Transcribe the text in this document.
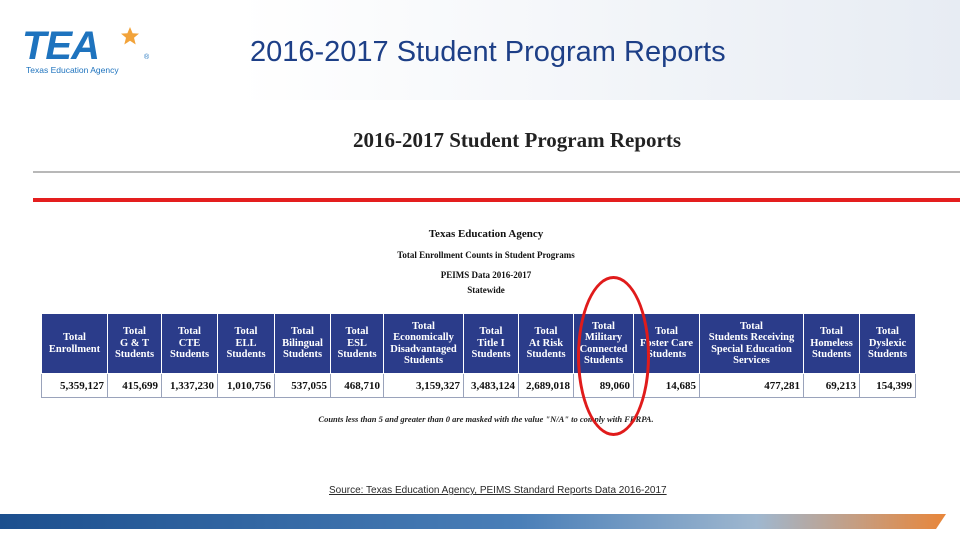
TEA	®
Texas Education Agency
2016-2017 Student Program Reports
2016-2017 Student Program Reports
Texas Education Agency
Total Enrollment Counts in Student Programs
PEIMS Data 2016-2017
Statewide
Total
Enrollment	Total
G & T
Students	Total
CTE
Students	Total
ELL
Students	Total
Bilingual
Students	Total
ESL
Students	Total
Economically
Disadvantaged
Students	Total
Title I
Students	Total
At Risk
Students	Total
Military
Connected
Students	Total
Foster Care
Students	Total
Students Receiving
Special Education
Services	Total
Homeless
Students	Total
Dyslexic
Students
5,359,127	415,699	1,337,230	1,010,756	537,055	468,710	3,159,327	3,483,124	2,689,018	89,060	14,685	477,281	69,213	154,399
Counts less than 5 and greater than 0 are masked with the value "N/A" to comply with FERPA.
Source: Texas Education Agency, PEIMS Standard Reports Data 2016-2017
